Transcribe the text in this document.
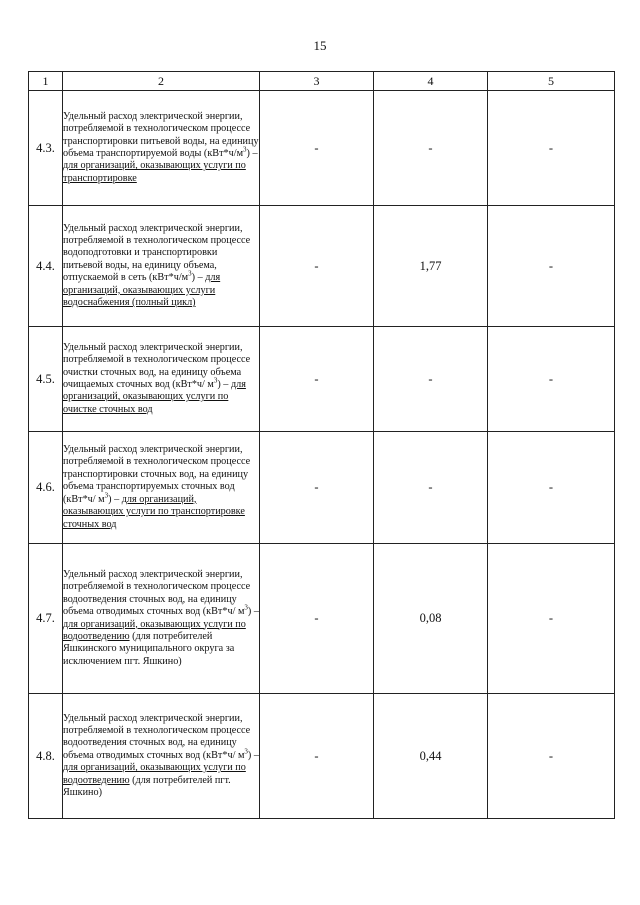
15
1	2	3	4	5
4.3.	Удельный расход электрической энергии, потребляемой в технологическом процессе транспортировки питьевой воды, на единицу объема транспортируемой воды $(кВт*ч/м^3)$ – для организаций, оказывающих услуги по транспортировке	-	-	-
4.4.	Удельный расход электрической энергии, потребляемой в технологическом процессе водоподготовки и транспортировки питьевой воды, на единицу объема, отпускаемой в сеть $(кВт*ч/м^3)$ – для организаций, оказывающих услуги водоснабжения (полный цикл)	-	1,77	-
4.5.	Удельный расход электрической энергии, потребляемой в технологическом процессе очистки сточных вод, на единицу объема очищаемых сточных вод (кВт*ч/ $м^3$) – для организаций, оказывающих услуги по очистке сточных вод	-	-	-
4.6.	Удельный расход электрической энергии, потребляемой в технологическом процессе транспортировки сточных вод, на единицу объема транспортируемых сточных вод (кВт*ч/ $м^3$) – для организаций, оказывающих услуги по транспортировке сточных вод	-	-	-
4.7.	Удельный расход электрической энергии, потребляемой в технологическом процессе водоотведения сточных вод, на единицу объема отводимых сточных вод (кВт*ч/ $м^3$) – для организаций, оказывающих услуги по водоотведению (для потребителей Яшкинского муниципального округа за исключением пгт. Яшкино)	-	0,08	-
4.8.	Удельный расход электрической энергии, потребляемой в технологическом процессе водоотведения сточных вод, на единицу объема отводимых сточных вод (кВт*ч/ $м^3$) – для организаций, оказывающих услуги по водоотведению (для потребителей пгт. Яшкино)	-	0,44	-
